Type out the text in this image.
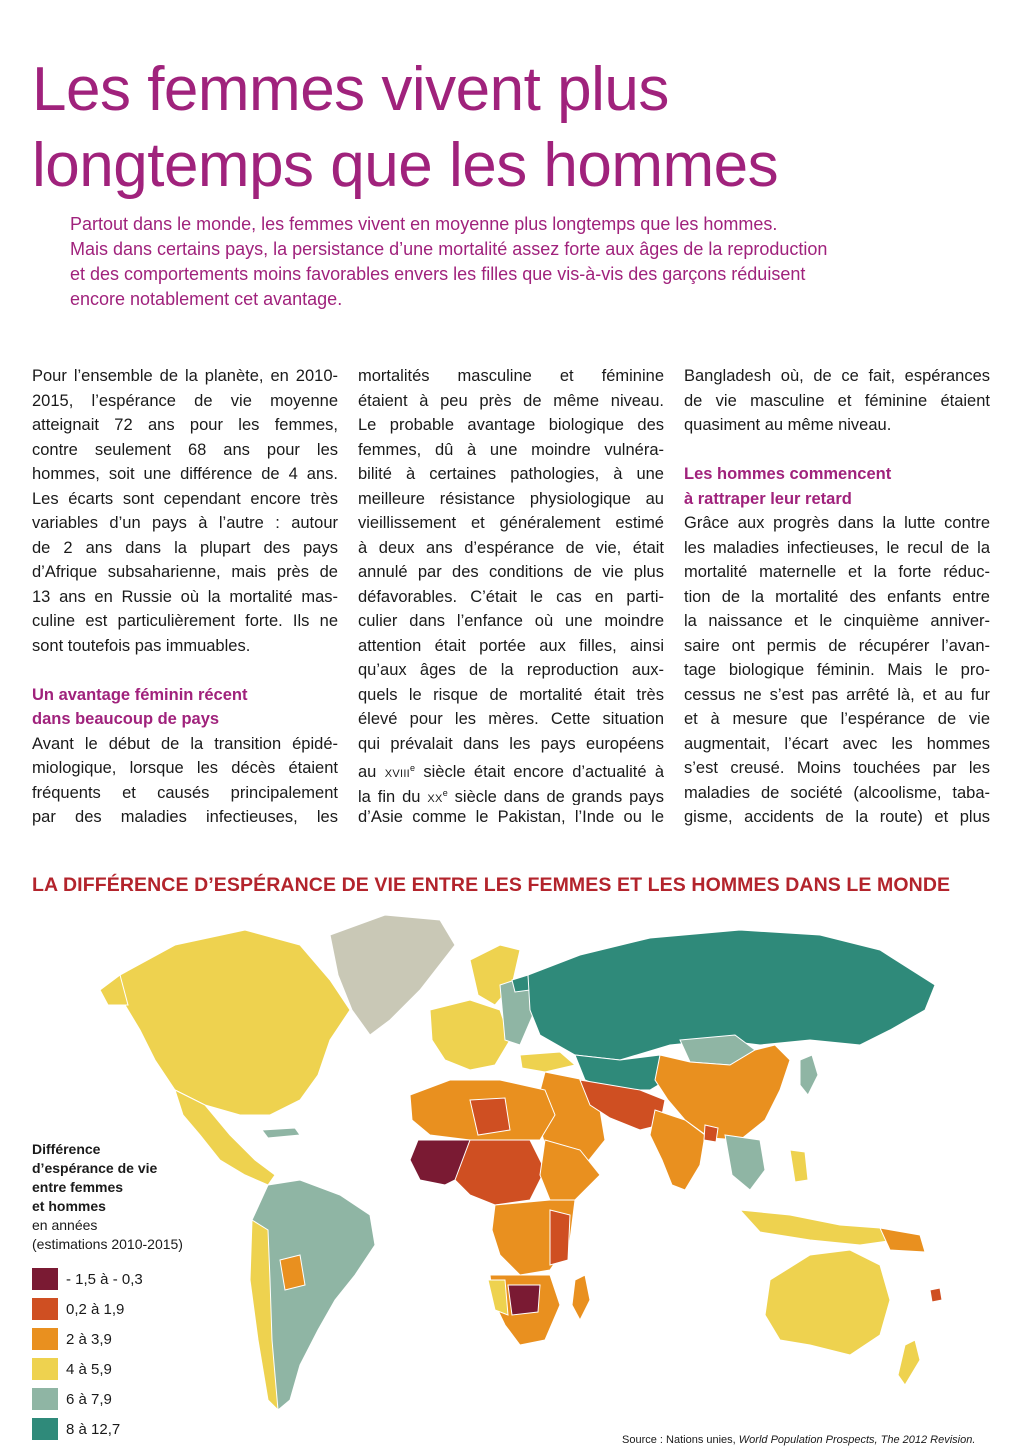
Les femmes vivent plus
longtemps que les hommes

Partout dans le monde, les femmes vivent en moyenne plus longtemps que les hommes.
Mais dans certains pays, la persistance d’une mortalité assez forte aux âges de la reproduction
et des comportements moins favorables envers les filles que vis-à-vis des garçons réduisent
encore notablement cet avantage.

Pour l’ensemble de la planète, en 2010-
2015, l’espérance de vie moyenne
atteignait 72 ans pour les femmes,
contre seulement 68 ans pour les
hommes, soit une différence de 4 ans.
Les écarts sont cependant encore très
variables d’un pays à l’autre : autour
de 2 ans dans la plupart des pays
d’Afrique subsaharienne, mais près de
13 ans en Russie où la mortalité mas-
culine est particulièrement forte. Ils ne
sont toutefois pas immuables.
Un avantage féminin récent
dans beaucoup de pays
Avant le début de la transition épidé-
miologique, lorsque les décès étaient
fréquents et causés principalement
par des maladies infectieuses, les
mortalités masculine et féminine
étaient à peu près de même niveau.
Le probable avantage biologique des
femmes, dû à une moindre vulnéra-
bilité à certaines pathologies, à une
meilleure résistance physiologique au
vieillissement et généralement estimé
à deux ans d’espérance de vie, était
annulé par des conditions de vie plus
défavorables. C’était le cas en parti-
culier dans l’enfance où une moindre
attention était portée aux filles, ainsi
qu’aux âges de la reproduction aux-
quels le risque de mortalité était très
élevé pour les mères. Cette situation
qui prévalait dans les pays européens
au XVIIIe siècle était encore d’actualité à
la fin du XXe siècle dans de grands pays
d’Asie comme le Pakistan, l’Inde ou le
Bangladesh où, de ce fait, espérances
de vie masculine et féminine étaient
quasiment au même niveau.
Les hommes commencent
à rattraper leur retard
Grâce aux progrès dans la lutte contre
les maladies infectieuses, le recul de la
mortalité maternelle et la forte réduc-
tion de la mortalité des enfants entre
la naissance et le cinquième anniver-
saire ont permis de récupérer l’avan-
tage biologique féminin. Mais le pro-
cessus ne s’est pas arrêté là, et au fur
et à mesure que l’espérance de vie
augmentait, l’écart avec les hommes
s’est creusé. Moins touchées par les
maladies de société (alcoolisme, taba-
gisme, accidents de la route) et plus
LA DIFFÉRENCE D’ESPÉRANCE DE VIE ENTRE LES FEMMES ET LES HOMMES DANS LE MONDE
Différence
d’espérance de vie
entre femmes
et hommes
en années
(estimations 2010-2015)
- 1,5 à - 0,3
0,2 à 1,9
2 à 3,9
4 à 5,9
6 à 7,9
8 à 12,7
Source : Nations unies, World Population Prospects, The 2012 Revision.
